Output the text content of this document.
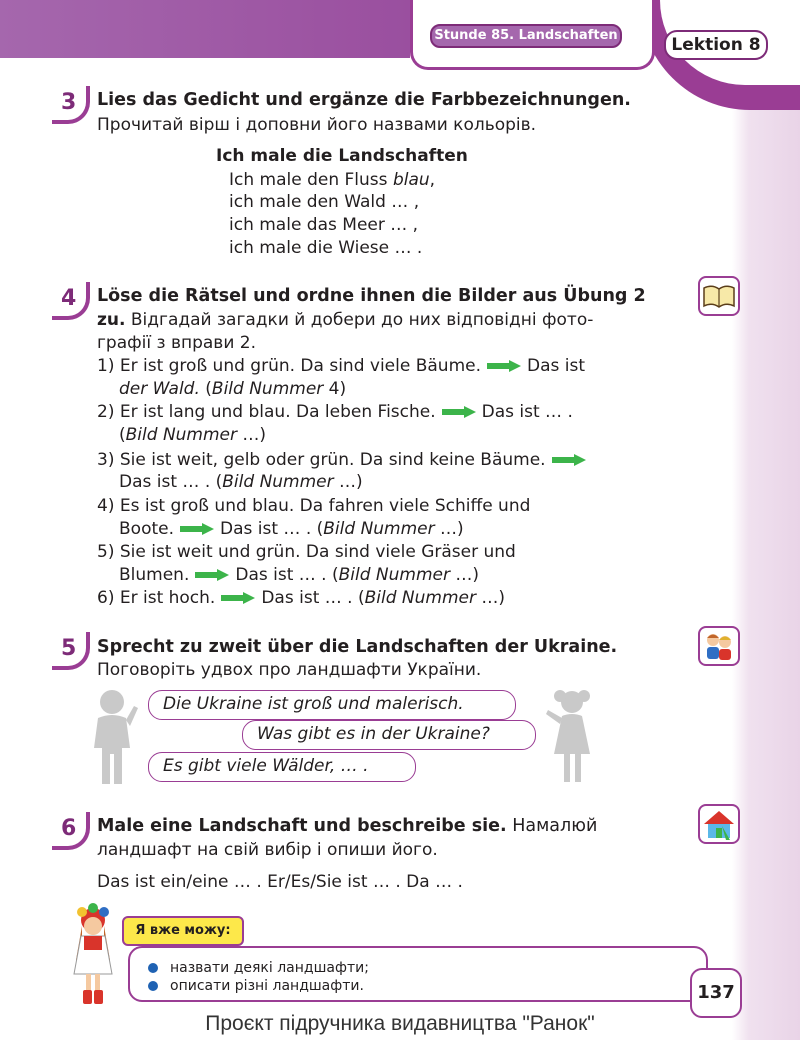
Stunde 85. Landschaften	Lektion 8
3 Lies das Gedicht und ergänze die Farbbezeichnungen.
Прочитай вірш і доповни його назвами кольорів.
Ich male die Landschaften
Ich male den Fluss blau,
ich male den Wald … ,
ich male das Meer … ,
ich male die Wiese … .
4 Löse die Rätsel und ordne ihnen die Bilder aus Übung 2
zu. Відгадай загадки й добери до них відповідні фото-
графії з вправи 2.
1) Er ist groß und grün. Da sind viele Bäume.	Das ist
der Wald. (Bild Nummer 4)
2) Er ist lang und blau. Da leben Fische.	Das ist … .
(Bild Nummer …)
3) Sie ist weit, gelb oder grün. Da sind keine Bäume.
Das ist … . (Bild Nummer …)
4) Es ist groß und blau. Da fahren viele Schiffe und
Boote.	Das ist … . (Bild Nummer …)
5) Sie ist weit und grün. Da sind viele Gräser und
Blumen.	Das ist … . (Bild Nummer …)
6) Er ist hoch.	Das ist … . (Bild Nummer …)
5 Sprecht zu zweit über die Landschaften der Ukraine.
Поговоріть удвох про ландшафти України.
Die Ukraine ist groß und malerisch.
Was gibt es in der Ukraine?
Es gibt viele Wälder, … .
6 Male eine Landschaft und beschreibe sie. Намалюй
ландшафт на свій вибір і опиши його.
Das ist ein/eine … . Er/Es/Sie ist … . Da … .
Я вже можу:
назвати деякі ландшафти;
описати різні ландшафти.	137
Проєкт підручника видавництва "Ранок"
